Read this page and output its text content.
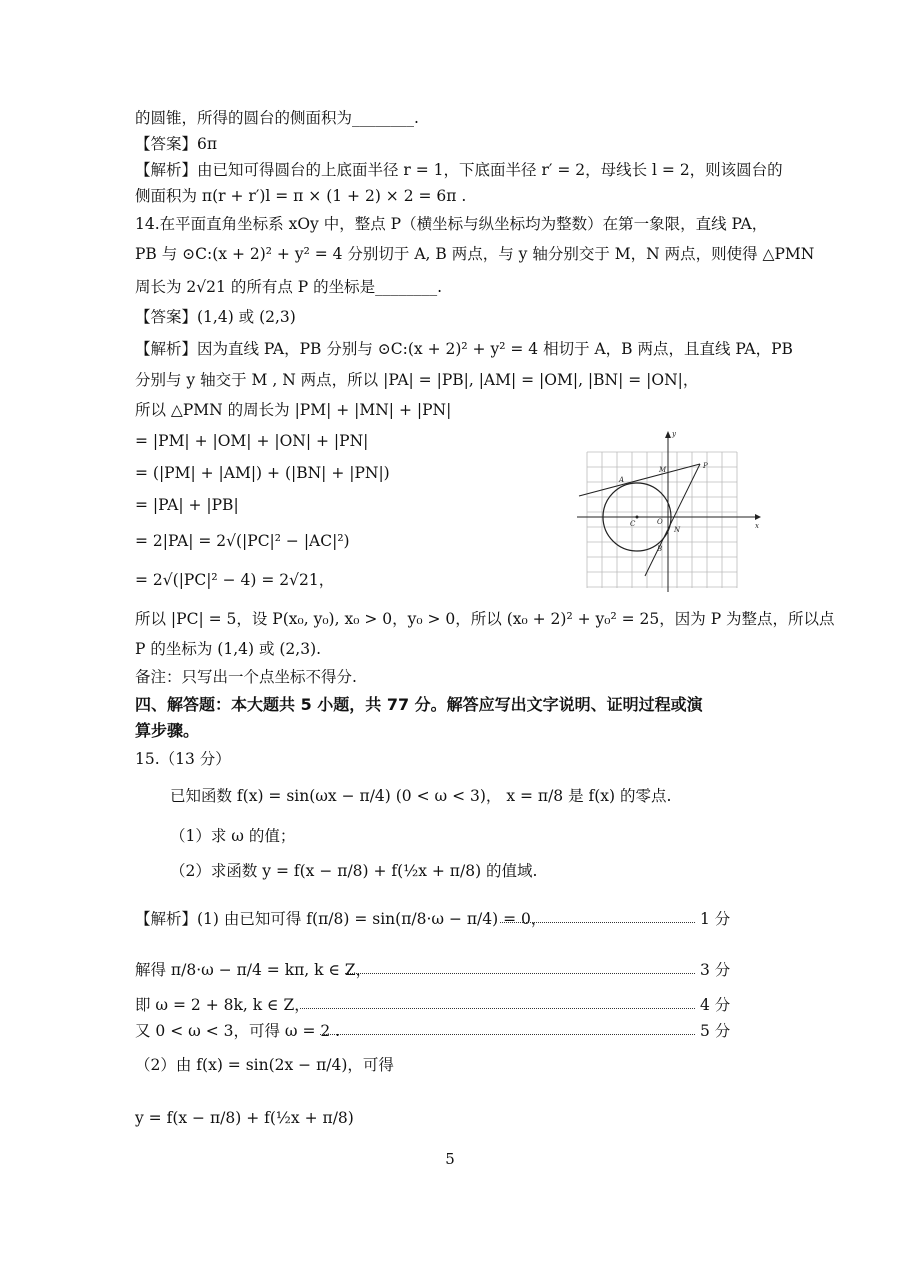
的圆锥，所得的圆台的侧面积为________.
【答案】6π
【解析】由已知可得圆台的上底面半径 r = 1，下底面半径 r′ = 2，母线长 l = 2，则该圆台的
侧面积为 π(r + r′)l = π × (1 + 2) × 2 = 6π .
14.在平面直角坐标系 xOy 中，整点 P（横坐标与纵坐标均为整数）在第一象限，直线 PA，
PB 与 ⊙C:(x + 2)² + y² = 4 分别切于 A, B 两点，与 y 轴分别交于 M，N 两点，则使得 △PMN
周长为 2√21 的所有点 P 的坐标是________.
【答案】(1,4) 或 (2,3)
【解析】因为直线 PA，PB 分别与 ⊙C:(x + 2)² + y² = 4 相切于 A，B 两点，且直线 PA，PB
分别与 y 轴交于 M , N 两点，所以 |PA| = |PB|, |AM| = |OM|, |BN| = |ON|，
所以 △PMN 的周长为 |PM| + |MN| + |PN|
= |PM| + |OM| + |ON| + |PN|
= (|PM| + |AM|) + (|BN| + |PN|)
= |PA| + |PB|
= 2|PA| = 2√(|PC|² − |AC|²)
= 2√(|PC|² − 4) = 2√21，
所以 |PC| = 5，设 P(x₀, y₀), x₀ > 0，y₀ > 0，所以 (x₀ + 2)² + y₀² = 25，因为 P 为整点，所以点
P 的坐标为 (1,4) 或 (2,3).
备注：只写出一个点坐标不得分.
四、解答题：本大题共 5 小题，共 77 分。解答应写出文字说明、证明过程或演
算步骤。
15.（13 分）
已知函数 f(x) = sin(ωx − π/4) (0 < ω < 3)， x = π/8 是 f(x) 的零点.
（1）求 ω 的值；
（2）求函数 y = f(x − π/8) + f(½x + π/8) 的值域.
【解析】(1) 由已知可得 f(π/8) = sin(π/8·ω − π/4) = 0，
解得 π/8·ω − π/4 = kπ, k ∈ Z，
即 ω = 2 + 8k, k ∈ Z，
又 0 < ω < 3，可得 ω = 2 .
（2）由 f(x) = sin(2x − π/4)，可得
y = f(x − π/8) + f(½x + π/8)
1 分
3 分
4 分
5 分
y
x
P
M
A
C	O
N
B
5
